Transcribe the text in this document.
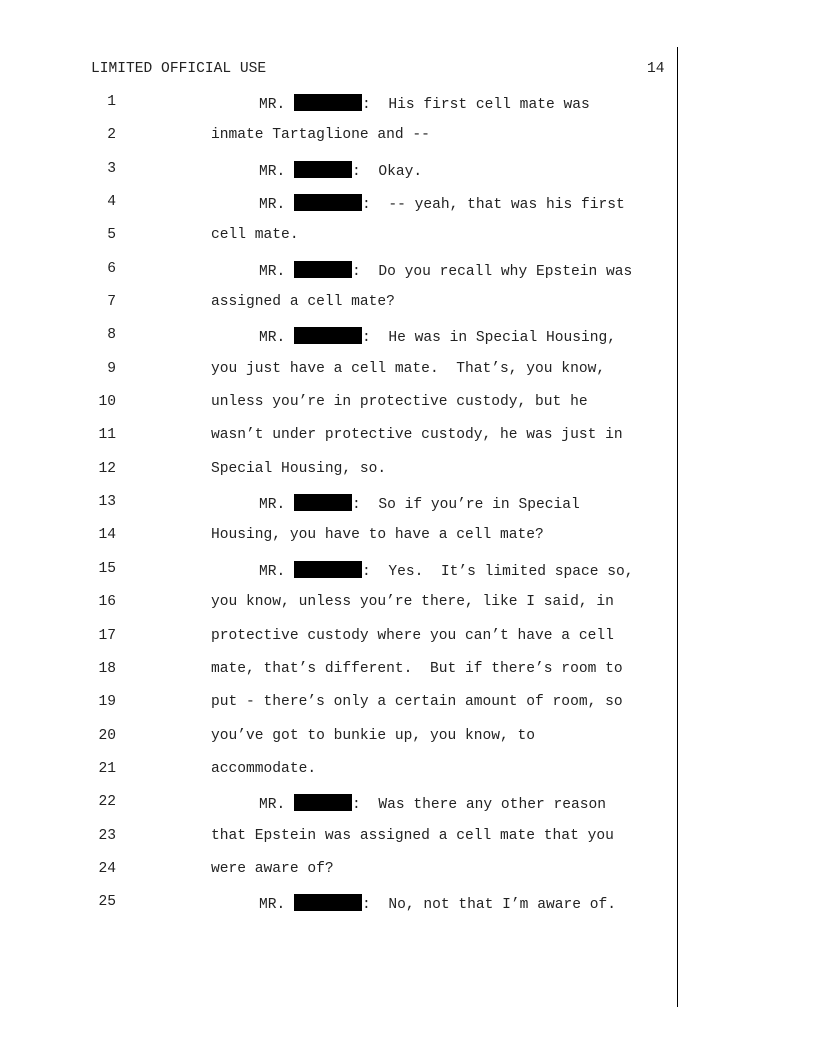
LIMITED OFFICIAL USE	14
1	MR.	:  His first cell mate was
2	inmate Tartaglione and --
3	MR.	:  Okay.
4	MR.	:  -- yeah, that was his first
5	cell mate.
6	MR.	:  Do you recall why Epstein was
7	assigned a cell mate?
8	MR.	:  He was in Special Housing,
9	you just have a cell mate.  That’s, you know,
10	unless you’re in protective custody, but he
11	wasn’t under protective custody, he was just in
12	Special Housing, so.
13	MR.	:  So if you’re in Special
14	Housing, you have to have a cell mate?
15	MR.	:  Yes.  It’s limited space so,
16	you know, unless you’re there, like I said, in
17	protective custody where you can’t have a cell
18	mate, that’s different.  But if there’s room to
19	put - there’s only a certain amount of room, so
20	you’ve got to bunkie up, you know, to
21	accommodate.
22	MR.	:  Was there any other reason
23	that Epstein was assigned a cell mate that you
24	were aware of?
25	MR.	:  No, not that I’m aware of.
